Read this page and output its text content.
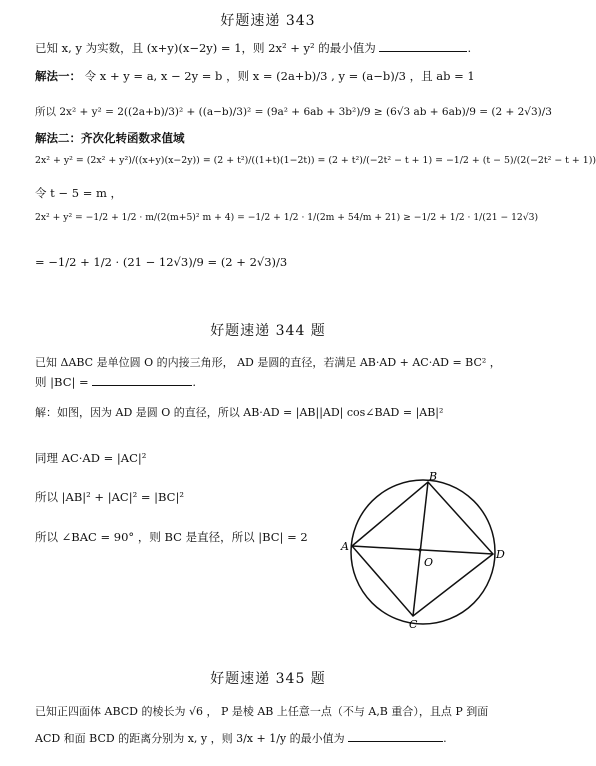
好题速递 343
已知 x, y 为实数，且 (x+y)(x−2y) = 1，则 2x² + y² 的最小值为	.
解法一： 令 x + y = a, x − 2y = b ，则 x = (2a+b)/3 , y = (a−b)/3 ，且 ab = 1
所以 2x² + y² = 2((2a+b)/3)² + ((a−b)/3)² = (9a² + 6ab + 3b²)/9 ≥ (6√3 ab + 6ab)/9 = (2 + 2√3)/3
解法二：齐次化转函数求值域
2x² + y² = (2x² + y²)/((x+y)(x−2y)) = (2 + t²)/((1+t)(1−2t)) = (2 + t²)/(−2t² − t + 1) = −1/2 + (t − 5)/(2(−2t² − t + 1))
令 t − 5 = m ，
2x² + y² = −1/2 + 1/2 · m/(2(m+5)² m + 4) = −1/2 + 1/2 · 1/(2m + 54/m + 21) ≥ −1/2 + 1/2 · 1/(21 − 12√3)
= −1/2 + 1/2 · (21 − 12√3)/9 = (2 + 2√3)/3
好题速递 344 题
已知 ΔABC 是单位圆 O 的内接三角形， AD 是圆的直径，若满足 AB·AD + AC·AD = BC² ，
则 |BC| =	.
解：如图，因为 AD 是圆 O 的直径，所以 AB·AD = |AB||AD| cos∠BAD = |AB|²
同理 AC·AD = |AC|²
所以 |AB|² + |AC|² = |BC|²
所以 ∠BAC = 90° ，则 BC 是直径，所以 |BC| = 2
A
B
C
D
O
好题速递 345 题
已知正四面体 ABCD 的棱长为 √6 ， P 是棱 AB 上任意一点（不与 A,B 重合），且点 P 到面
ACD 和面 BCD 的距离分别为 x, y ，则 3/x + 1/y 的最小值为	.
